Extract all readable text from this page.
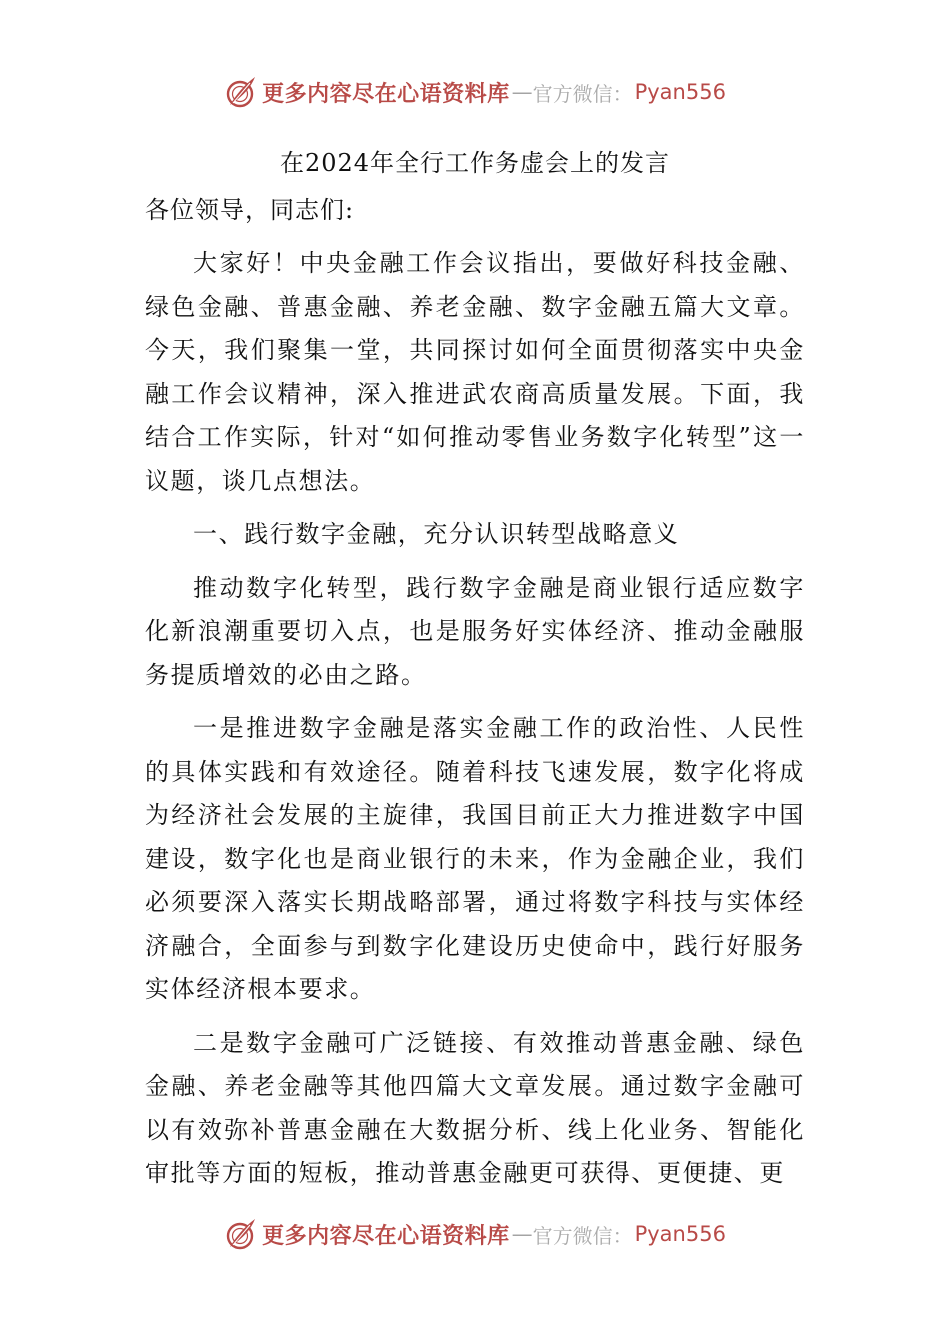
更多内容尽在心语资料库 — 官方微信： Pyan556
在2024年全行工作务虚会上的发言
各位领导，同志们:

大家好！中央金融工作会议指出，要做好科技金融、绿色金融、普惠金融、养老金融、数字金融五篇大文章。今天，我们聚集一堂，共同探讨如何全面贯彻落实中央金融工作会议精神，深入推进武农商高质量发展。下面，我结合工作实际，针对“如何推动零售业务数字化转型”这一议题，谈几点想法。

一、践行数字金融，充分认识转型战略意义

推动数字化转型，践行数字金融是商业银行适应数字化新浪潮重要切入点，也是服务好实体经济、推动金融服务提质增效的必由之路。

一是推进数字金融是落实金融工作的政治性、人民性的具体实践和有效途径。随着科技飞速发展，数字化将成为经济社会发展的主旋律，我国目前正大力推进数字中国建设，数字化也是商业银行的未来，作为金融企业，我们必须要深入落实长期战略部署，通过将数字科技与实体经济融合，全面参与到数字化建设历史使命中，践行好服务实体经济根本要求。

二是数字金融可广泛链接、有效推动普惠金融、绿色金融、养老金融等其他四篇大文章发展。通过数字金融可以有效弥补普惠金融在大数据分析、线上化业务、智能化审批等方面的短板，推动普惠金融更可获得、更便捷、更

更多内容尽在心语资料库 — 官方微信： Pyan556
